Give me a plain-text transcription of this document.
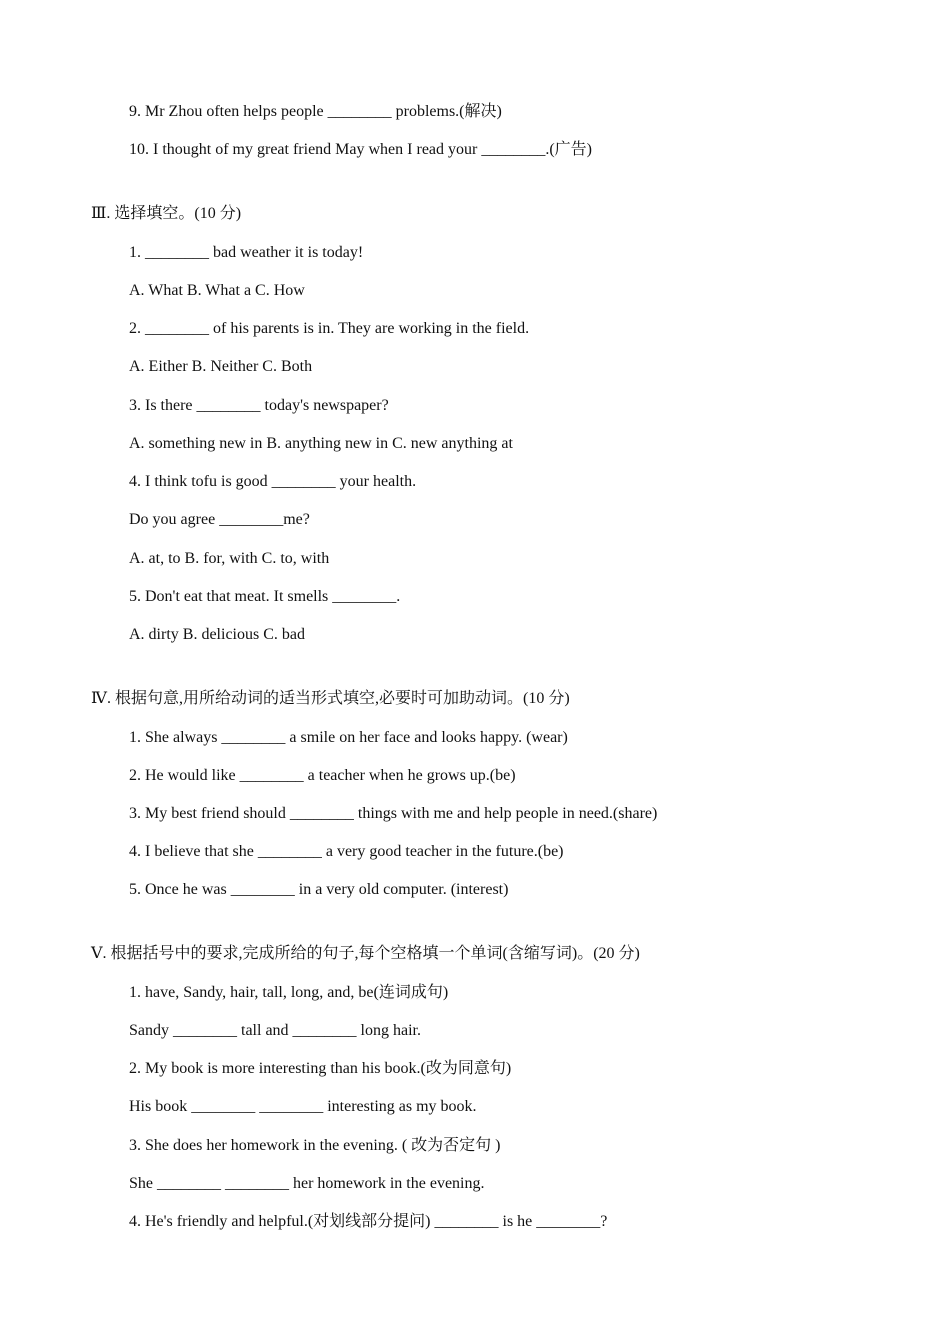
9. Mr Zhou often helps people ________ problems.(解决)
10. I thought of my great friend May when I read your ________.(广告)
Ⅲ. 选择填空。(10 分)
1. ________ bad weather it is today!
A. What B. What a C. How
2. ________ of his parents is in. They are working in the field.
A. Either B. Neither C. Both
3. Is there ________ today's newspaper?
A. something new in B. anything new in C. new anything at
4. I think tofu is good ________ your health.
Do you agree ________me?
A. at, to B. for, with C. to, with
5. Don't eat that meat. It smells ________.
A. dirty B. delicious C. bad
Ⅳ. 根据句意,用所给动词的适当形式填空,必要时可加助动词。(10 分)
1. She always ________ a smile on her face and looks happy. (wear)
2. He would like ________ a teacher when he grows up.(be)
3. My best friend should ________ things with me and help people in need.(share)
4. I believe that she ________ a very good teacher in the future.(be)
5. Once he was ________ in a very old computer. (interest)
Ⅴ. 根据括号中的要求,完成所给的句子,每个空格填一个单词(含缩写词)。(20 分)
1. have, Sandy, hair, tall, long, and, be(连词成句)
Sandy ________ tall and ________ long hair.
2. My book is more interesting than his book.(改为同意句)
His book ________ ________ interesting as my book.
3. She does her homework in the evening. ( 改为否定句 )
She ________ ________ her homework in the evening.
4. He's friendly and helpful.(对划线部分提问) ________ is he ________?
